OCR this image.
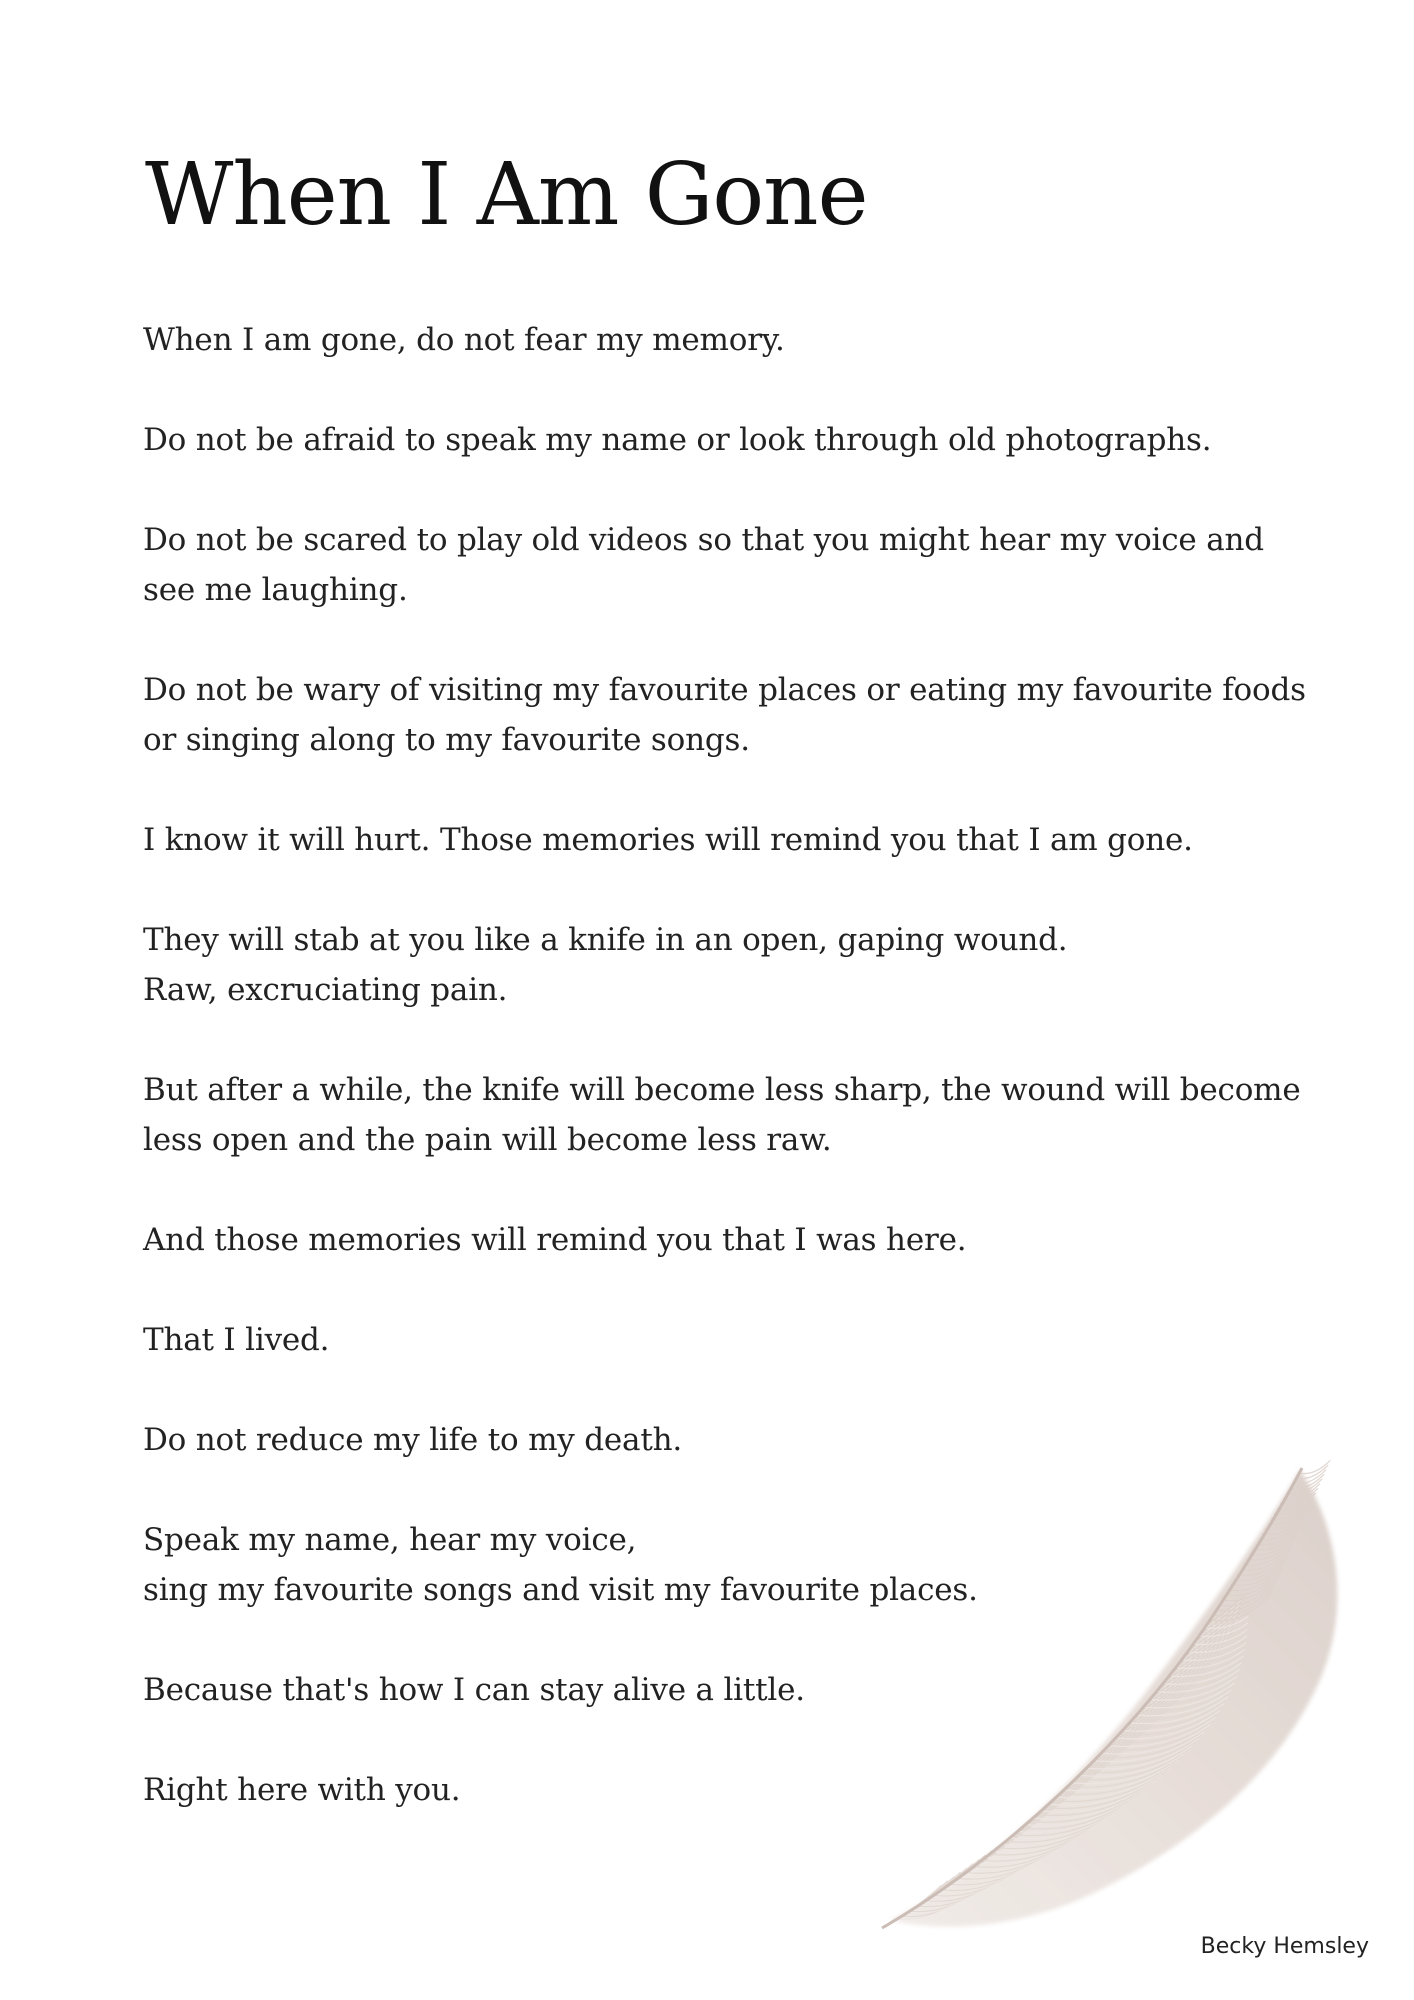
When I Am Gone

When I am gone, do not fear my memory.

Do not be afraid to speak my name or look through old photographs.

Do not be scared to play old videos so that you might hear my voice and
see me laughing.

Do not be wary of visiting my favourite places or eating my favourite foods
or singing along to my favourite songs.

I know it will hurt. Those memories will remind you that I am gone.

They will stab at you like a knife in an open, gaping wound.
Raw, excruciating pain.

But after a while, the knife will become less sharp, the wound will become
less open and the pain will become less raw.

And those memories will remind you that I was here.

That I lived.

Do not reduce my life to my death.

Speak my name, hear my voice,
sing my favourite songs and visit my favourite places.

Because that's how I can stay alive a little.

Right here with you.

Becky Hemsley
